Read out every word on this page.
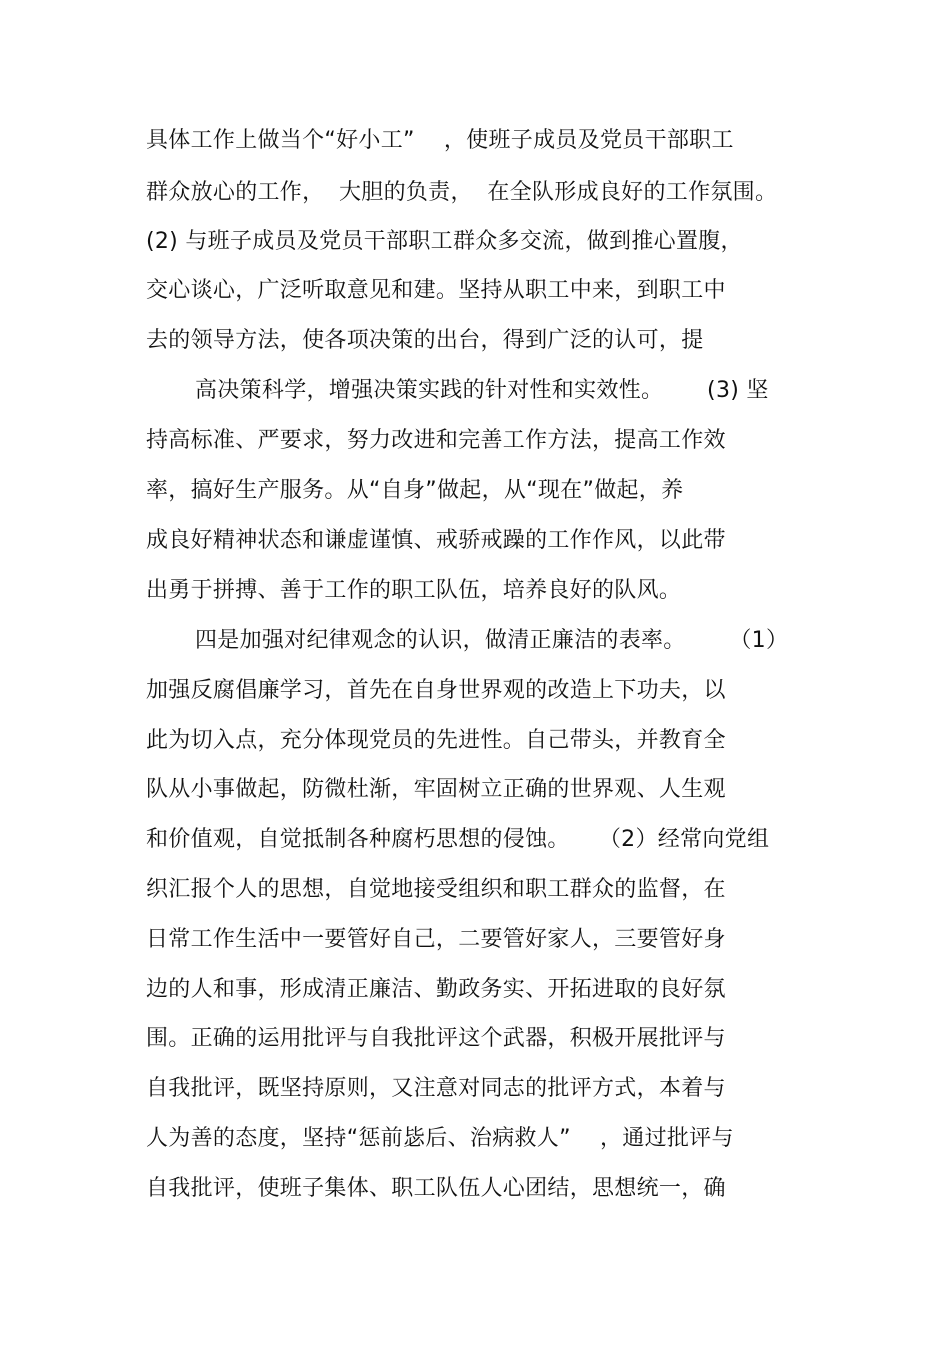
具体工作上做当个“好小工”    ，使班子成员及党员干部职工
群众放心的工作，  大胆的负责，  在全队形成良好的工作氛围。
(2) 与班子成员及党员干部职工群众多交流，做到推心置腹，
交心谈心，广泛听取意见和建。坚持从职工中来，到职工中
去的领导方法，使各项决策的出台，得到广泛的认可，提
高决策科学，增强决策实践的针对性和实效性。      (3) 坚
持高标准、严要求，努力改进和完善工作方法，提高工作效
率，搞好生产服务。从“自身”做起，从“现在”做起，养
成良好精神状态和谦虚谨慎、戒骄戒躁的工作作风，以此带
出勇于拼搏、善于工作的职工队伍，培养良好的队风。
四是加强对纪律观念的认识，做清正廉洁的表率。      （1）
加强反腐倡廉学习，首先在自身世界观的改造上下功夫，以
此为切入点，充分体现党员的先进性。自己带头，并教育全
队从小事做起，防微杜渐，牢固树立正确的世界观、人生观
和价值观，自觉抵制各种腐朽思想的侵蚀。    （2）经常向党组
织汇报个人的思想，自觉地接受组织和职工群众的监督，在
日常工作生活中一要管好自己，二要管好家人，三要管好身
边的人和事，形成清正廉洁、勤政务实、开拓进取的良好氛
围。正确的运用批评与自我批评这个武器，积极开展批评与
自我批评，既坚持原则，又注意对同志的批评方式，本着与
人为善的态度，坚持“惩前毖后、治病救人”    ，通过批评与
自我批评，使班子集体、职工队伍人心团结，思想统一，确
